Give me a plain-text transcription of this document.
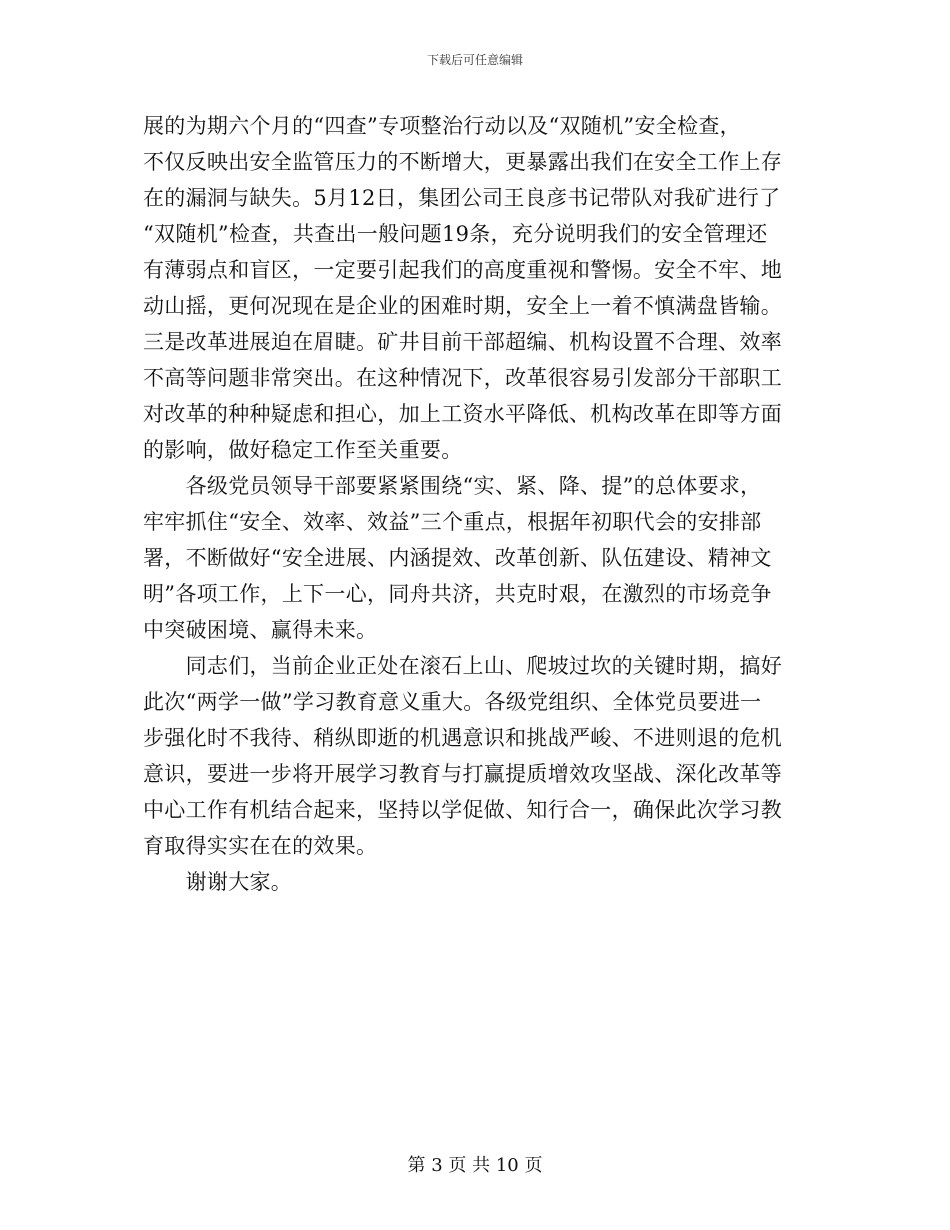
下载后可任意编辑
展的为期六个月的“四查”专项整治行动以及“双随机”安全检查，
不仅反映出安全监管压力的不断增大，更暴露出我们在安全工作上存
在的漏洞与缺失。5月12日，集团公司王良彦书记带队对我矿进行了
“双随机”检查，共查出一般问题19条，充分说明我们的安全管理还
有薄弱点和盲区，一定要引起我们的高度重视和警惕。安全不牢、地
动山摇，更何况现在是企业的困难时期，安全上一着不慎满盘皆输。
三是改革进展迫在眉睫。矿井目前干部超编、机构设置不合理、效率
不高等问题非常突出。在这种情况下，改革很容易引发部分干部职工
对改革的种种疑虑和担心，加上工资水平降低、机构改革在即等方面
的影响，做好稳定工作至关重要。
　　各级党员领导干部要紧紧围绕“实、紧、降、提”的总体要求，
牢牢抓住“安全、效率、效益”三个重点，根据年初职代会的安排部
署，不断做好“安全进展、内涵提效、改革创新、队伍建设、精神文
明”各项工作，上下一心，同舟共济，共克时艰，在激烈的市场竞争
中突破困境、赢得未来。
　　同志们，当前企业正处在滚石上山、爬坡过坎的关键时期，搞好
此次“两学一做”学习教育意义重大。各级党组织、全体党员要进一
步强化时不我待、稍纵即逝的机遇意识和挑战严峻、不进则退的危机
意识，要进一步将开展学习教育与打赢提质增效攻坚战、深化改革等
中心工作有机结合起来，坚持以学促做、知行合一，确保此次学习教
育取得实实在在的效果。
　　谢谢大家。
第 3 页 共 10 页
